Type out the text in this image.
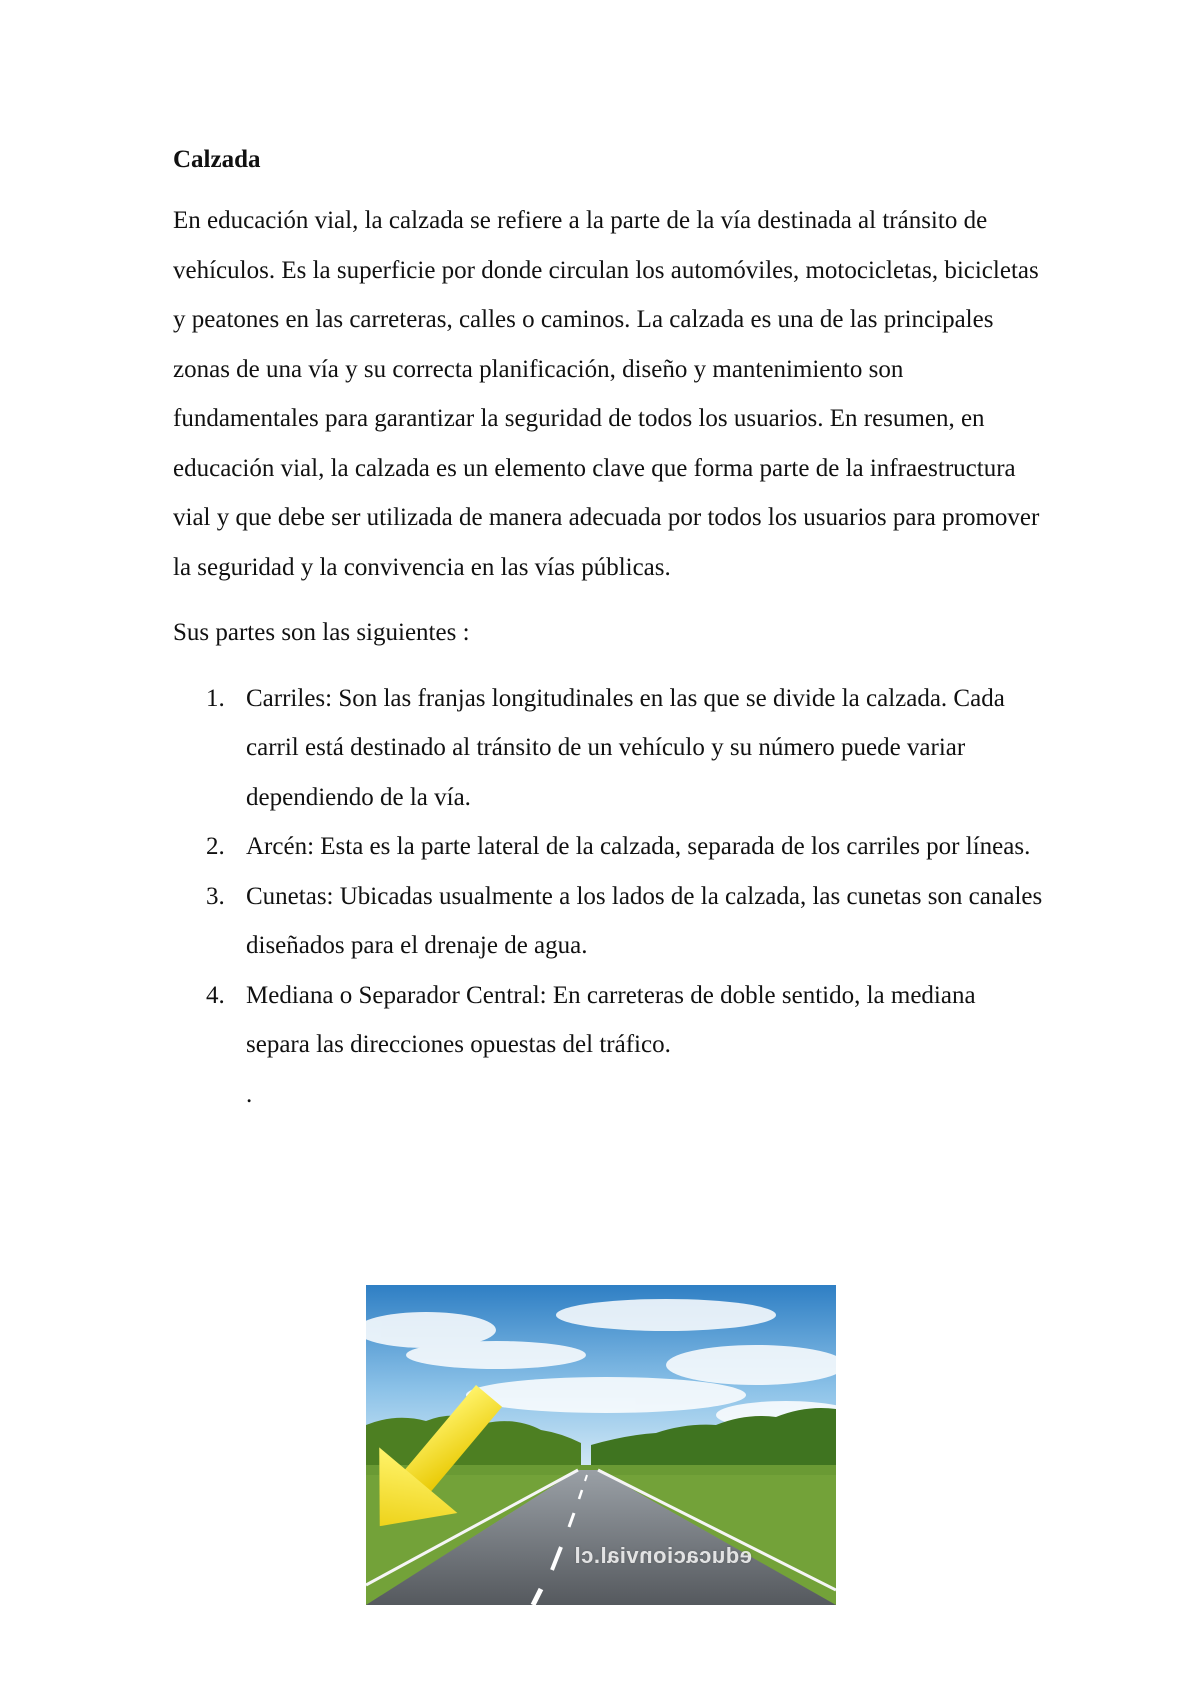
Calzada
En educación vial, la calzada se refiere a la parte de la vía destinada al tránsito de vehículos. Es la superficie por donde circulan los automóviles, motocicletas, bicicletas y peatones en las carreteras, calles o caminos. La calzada es una de las principales zonas de una vía y su correcta planificación, diseño y mantenimiento son fundamentales para garantizar la seguridad de todos los usuarios. En resumen, en educación vial, la calzada es un elemento clave que forma parte de la infraestructura vial y que debe ser utilizada de manera adecuada por todos los usuarios para promover la seguridad y la convivencia en las vías públicas.
Sus partes son las siguientes :
1. Carriles: Son las franjas longitudinales en las que se divide la calzada. Cada carril está destinado al tránsito de un vehículo y su número puede variar dependiendo de la vía.
2. Arcén: Esta es la parte lateral de la calzada, separada de los carriles por líneas.
3. Cunetas: Ubicadas usualmente a los lados de la calzada, las cunetas son canales diseñados para el drenaje de agua.
4. Mediana o Separador Central: En carreteras de doble sentido, la mediana separa las direcciones opuestas del tráfico.
.
educacionvial.cl
